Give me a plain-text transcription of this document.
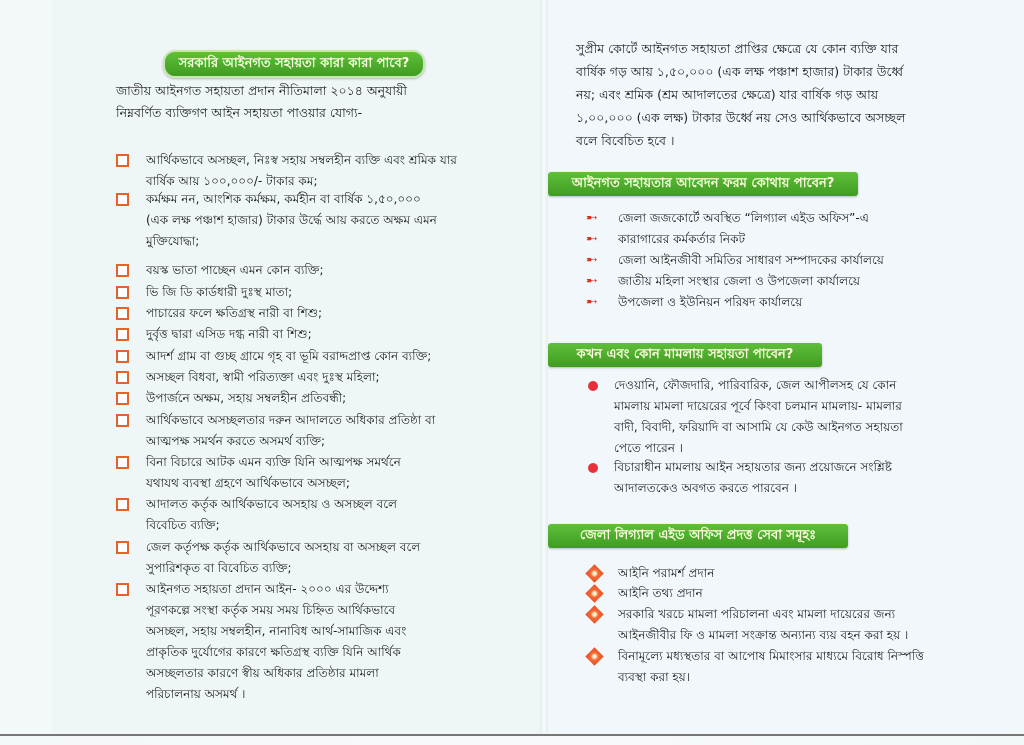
সরকারি আইনগত সহায়তা কারা কারা পাবে?

জাতীয় আইনগত সহায়তা প্রদান নীতিমালা ২০১৪ অনুযায়ী

নিম্নবর্ণিত ব্যক্তিগণ আইন সহায়তা পাওয়ার যোগ্য-

আর্থিকভাবে অসচ্ছল, নিঃস্ব সহায় সম্বলহীন ব্যক্তি এবং শ্রমিক যার
বার্ষিক আয় ১০০,০০০/- টাকার কম;
কর্মক্ষম নন, আংশিক কর্মক্ষম, কর্মহীন বা বার্ষিক ১,৫০,০০০
(এক লক্ষ পঞ্চাশ হাজার) টাকার উর্দ্ধে আয় করতে অক্ষম এমন
মুক্তিযোদ্ধা;
বয়স্ক ভাতা পাচ্ছেন এমন কোন ব্যক্তি;
ভি জি ডি কার্ডধারী দুঃস্থ মাতা;
পাচারের ফলে ক্ষতিগ্রস্থ নারী বা শিশু;
দুর্বৃত্ত দ্বারা এসিড দগ্ধ নারী বা শিশু;
আদর্শ গ্রাম বা গুচ্ছ গ্রামে গৃহ বা ভূমি বরাদ্দপ্রাপ্ত কোন ব্যক্তি;
অসচ্ছল বিধবা, স্বামী পরিত্যক্তা এবং দুঃস্থ মহিলা;
উপার্জনে অক্ষম, সহায় সম্বলহীন প্রতিবন্ধী;
আর্থিকভাবে অসচ্ছলতার দরুন আদালতে অধিকার প্রতিষ্ঠা বা
আত্মপক্ষ সমর্থন করতে অসমর্থ ব্যক্তি;
বিনা বিচারে আটক এমন ব্যক্তি যিনি আত্মপক্ষ সমর্থনে
যথাযথ ব্যবস্থা গ্রহণে আর্থিকভাবে অসচ্ছল;
আদালত কর্তৃক আর্থিকভাবে অসহায় ও অসচ্ছল বলে
বিবেচিত ব্যক্তি;
জেল কর্তৃপক্ষ কর্তৃক আর্থিকভাবে অসহায় বা অসচ্ছল বলে
সুপারিশকৃত বা বিবেচিত ব্যক্তি;
আইনগত সহায়তা প্রদান আইন- ২০০০ এর উদ্দেশ্য
পূরণকল্পে সংস্থা কর্তৃক সময় সময় চিহ্নিত আর্থিকভাবে
অসচ্ছল, সহায় সম্বলহীন, নানাবিধ আর্থ-সামাজিক এবং
প্রাকৃতিক দুর্যোগের কারণে ক্ষতিগ্রস্থ ব্যক্তি যিনি আর্থিক
অসচ্ছলতার কারণে স্বীয় অধিকার প্রতিষ্ঠার মামলা
পরিচালনায় অসমর্থ ।

সুপ্রীম কোর্টে আইনগত সহায়তা প্রাপ্তির ক্ষেত্রে যে কোন ব্যক্তি যার

বার্ষিক গড় আয় ১,৫০,০০০ (এক লক্ষ পঞ্চাশ হাজার) টাকার উর্ধ্বে

নয়; এবং শ্রমিক (শ্রম আদালতের ক্ষেত্রে) যার বার্ষিক গড় আয়

১,০০,০০০ (এক লক্ষ) টাকার উর্ধ্বে নয় সেও আর্থিকভাবে অসচ্ছল

বলে বিবেচিত হবে ।

আইনগত সহায়তার আবেদন ফরম কোথায় পাবেন?
➸ জেলা জজকোর্টে অবস্থিত “লিগ্যাল এইড অফিস”-এ
➸ কারাগারের কর্মকর্তার নিকট
➸ জেলা আইনজীবী সমিতির সাধারণ সম্পাদকের কার্যালয়ে
➸ জাতীয় মহিলা সংস্থার জেলা ও উপজেলা কার্যালয়ে
➸ উপজেলা ও ইউনিয়ন পরিষদ কার্যালয়ে
কখন এবং কোন মামলায় সহায়তা পাবেন?
দেওয়ানি, ফৌজদারি, পারিবারিক, জেল আপীলসহ যে কোন
মামলায় মামলা দায়েরের পূর্বে কিংবা চলমান মামলায়- মামলার
বাদী, বিবাদী, ফরিয়াদি বা আসামি যে কেউ আইনগত সহায়তা
পেতে পারেন ।
বিচারাধীন মামলায় আইন সহায়তার জন্য প্রয়োজনে সংশ্লিষ্ট
আদালতকেও অবগত করতে পারবেন ।
জেলা লিগ্যাল এইড অফিস প্রদত্ত সেবা সমূহঃ
আইনি পরামর্শ প্রদান
আইনি তথ্য প্রদান
সরকারি খরচে মামলা পরিচালনা এবং মামলা দায়েরের জন্য
আইনজীবীর ফি ও মামলা সংক্রান্ত অন্যান্য ব্যয় বহন করা হয় ।
বিনামূল্যে মধ্যস্থতার বা আপোষ মিমাংসার মাধ্যমে বিরোধ নিস্পত্তি
ব্যবস্থা করা হয়।
